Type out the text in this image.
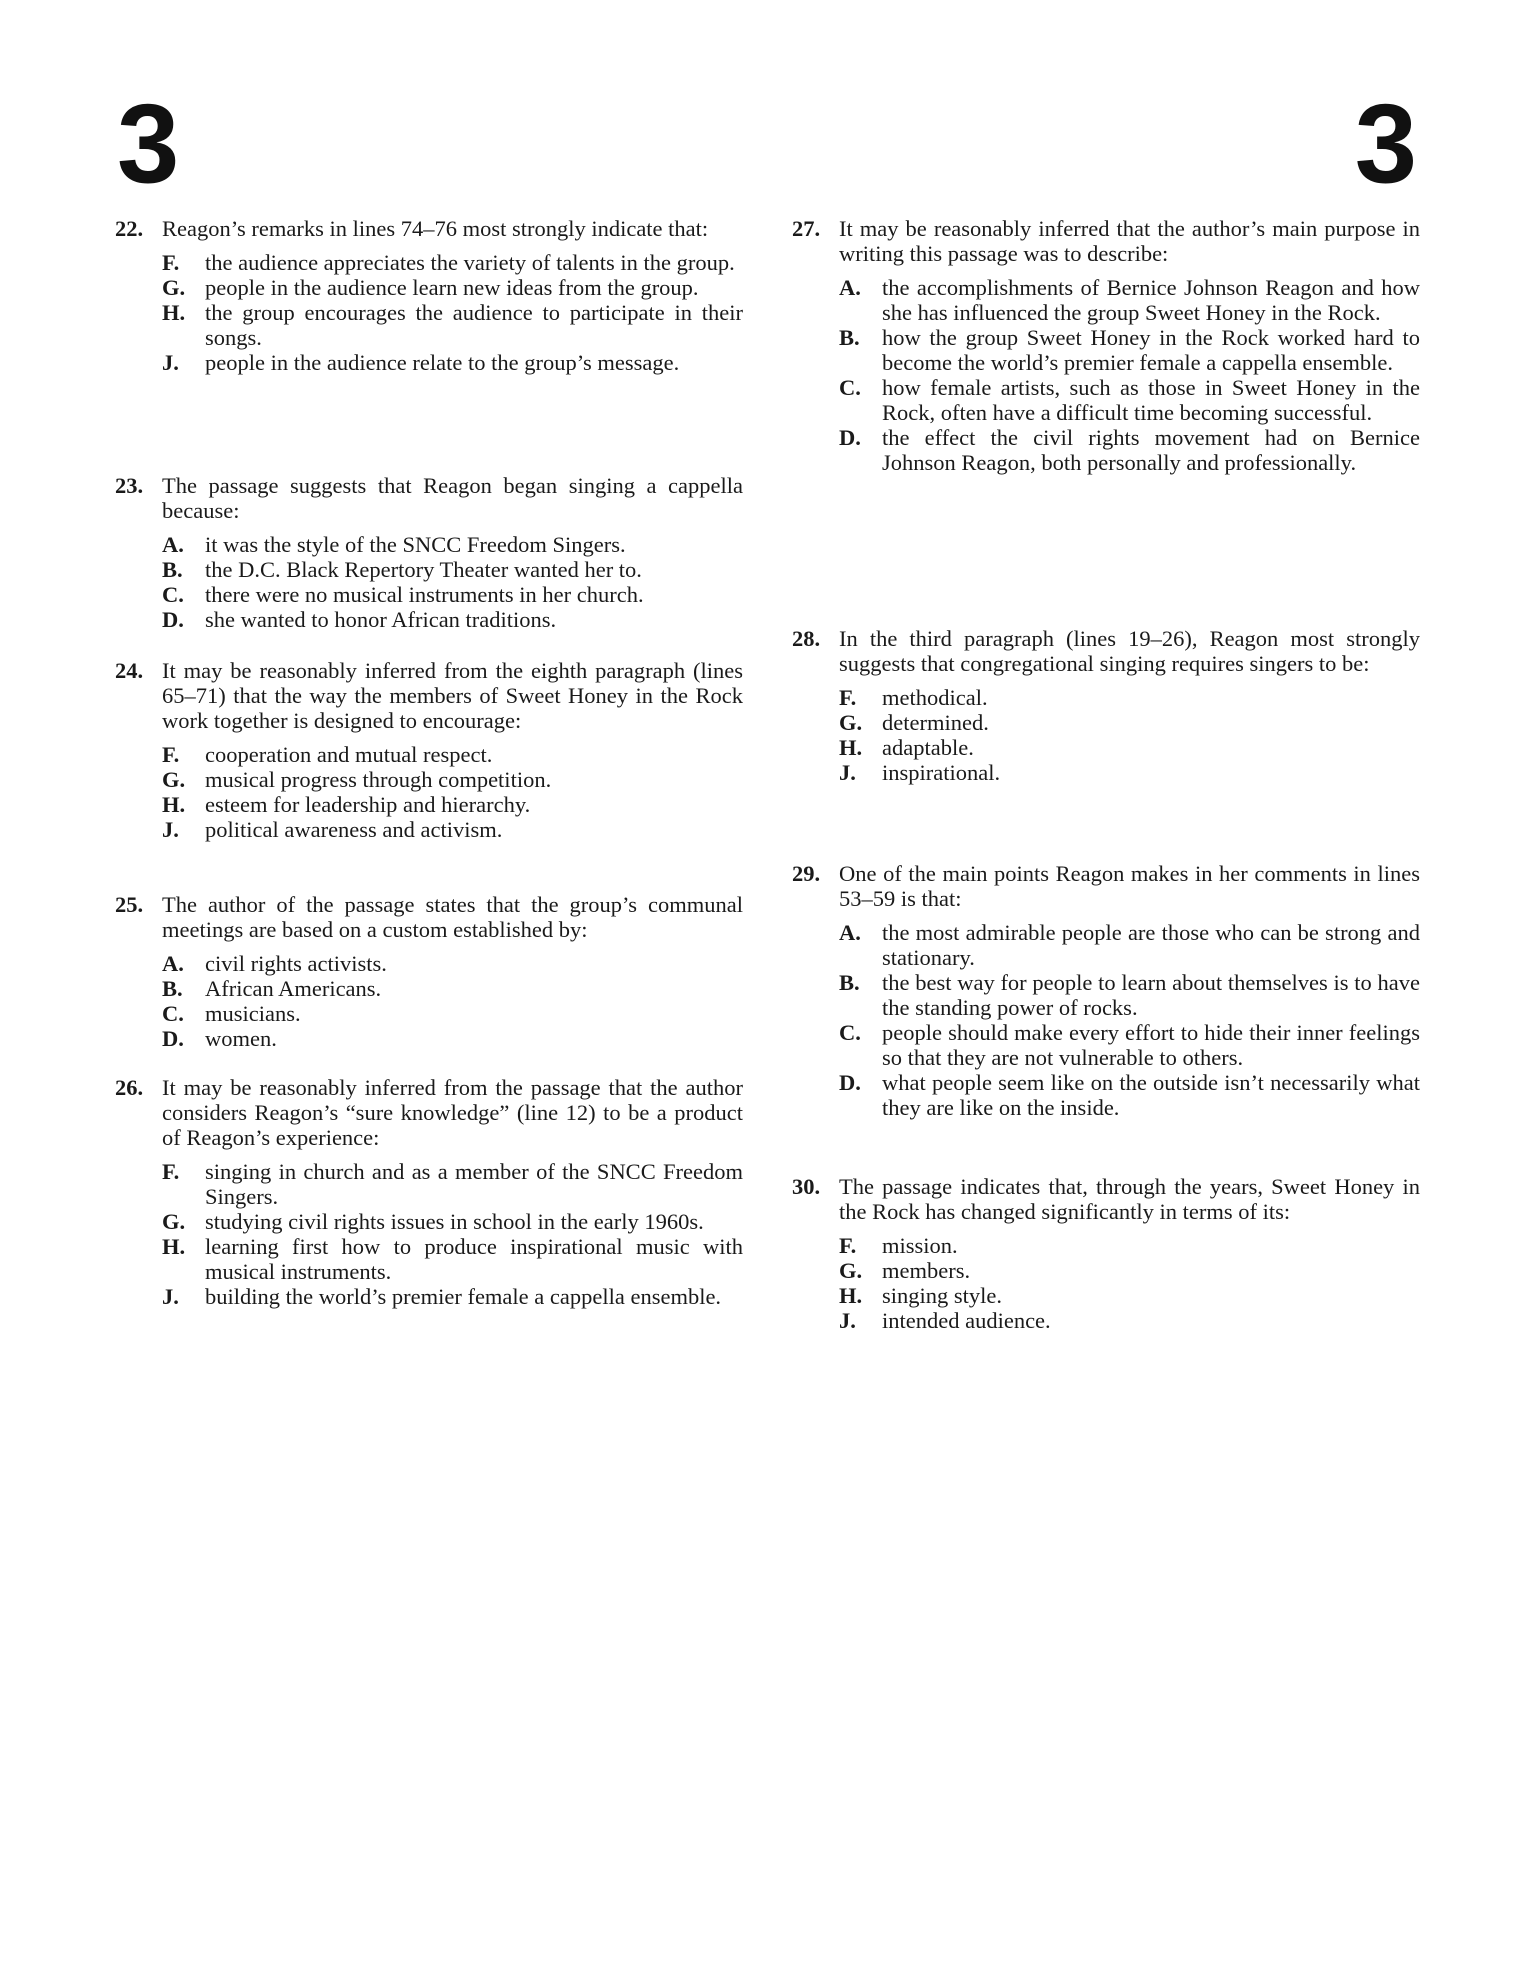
3	3
22. Reagon’s remarks in lines 74–76 most strongly indicate that:
F.	the audience appreciates the variety of talents in the group.
G. people in the audience learn new ideas from the group.
H. the group encourages the audience to participate in their songs.
J.	people in the audience relate to the group’s message.
23. The passage suggests that Reagon began singing a cappella because:
A. it was the style of the SNCC Freedom Singers.
B. the D.C. Black Repertory Theater wanted her to.
C. there were no musical instruments in her church.
D. she wanted to honor African traditions.
24. It may be reasonably inferred from the eighth paragraph (lines 65–71) that the way the members of Sweet Honey in the Rock work together is designed to encourage:
F.	cooperation and mutual respect.
G. musical progress through competition.
H. esteem for leadership and hierarchy.
J.	political awareness and activism.
25. The author of the passage states that the group’s communal meetings are based on a custom established by:
A. civil rights activists.
B. African Americans.
C. musicians.
D. women.
26. It may be reasonably inferred from the passage that the author considers Reagon’s “sure knowledge” (line 12) to be a product of Reagon’s experience:
F.	singing in church and as a member of the SNCC Freedom Singers.
G. studying civil rights issues in school in the early 1960s.
H. learning first how to produce inspirational music with musical instruments.
J.	building the world’s premier female a cappella ensemble.
27. It may be reasonably inferred that the author’s main purpose in writing this passage was to describe:
A. the accomplishments of Bernice Johnson Reagon and how she has influenced the group Sweet Honey in the Rock.
B. how the group Sweet Honey in the Rock worked hard to become the world’s premier female a cappella ensemble.
C. how female artists, such as those in Sweet Honey in the Rock, often have a difficult time becoming successful.
D. the effect the civil rights movement had on Bernice Johnson Reagon, both personally and professionally.
28. In the third paragraph (lines 19–26), Reagon most strongly suggests that congregational singing requires singers to be:
F.	methodical.
G. determined.
H. adaptable.
J.	inspirational.
29. One of the main points Reagon makes in her comments in lines 53–59 is that:
A. the most admirable people are those who can be strong and stationary.
B. the best way for people to learn about themselves is to have the standing power of rocks.
C. people should make every effort to hide their inner feelings so that they are not vulnerable to others.
D. what people seem like on the outside isn’t necessarily what they are like on the inside.
30. The passage indicates that, through the years, Sweet Honey in the Rock has changed significantly in terms of its:
F.	mission.
G. members.
H. singing style.
J.	intended audience.
